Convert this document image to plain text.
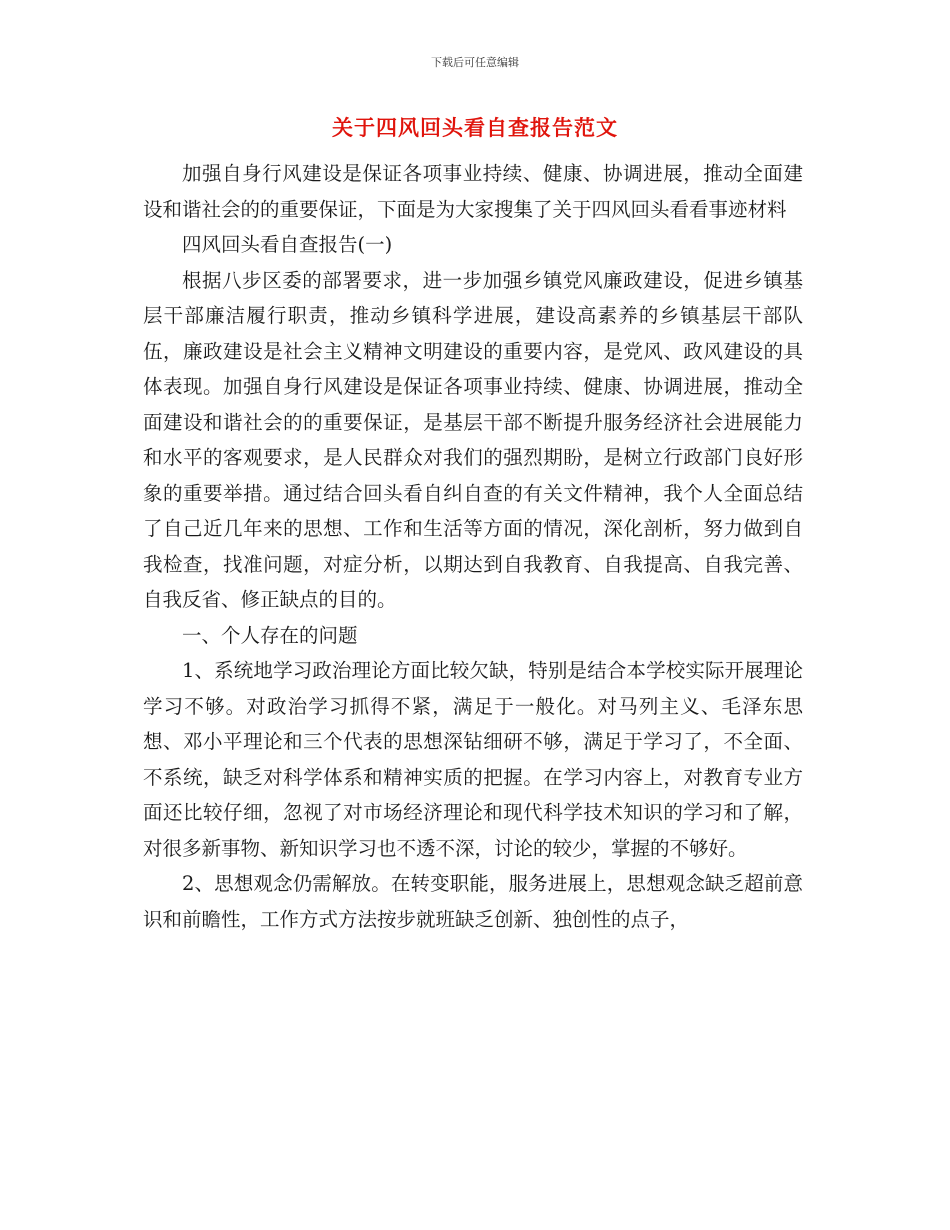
下载后可任意编辑
关于四风回头看自查报告范文

加强自身行风建设是保证各项事业持续、健康、协调进展，推动全面建设和谐社会的的重要保证，下面是为大家搜集了关于四风回头看看事迹材料

四风回头看自查报告(一)

根据八步区委的部署要求，进一步加强乡镇党风廉政建设，促进乡镇基层干部廉洁履行职责，推动乡镇科学进展，建设高素养的乡镇基层干部队伍，廉政建设是社会主义精神文明建设的重要内容，是党风、政风建设的具体表现。加强自身行风建设是保证各项事业持续、健康、协调进展，推动全面建设和谐社会的的重要保证，是基层干部不断提升服务经济社会进展能力和水平的客观要求，是人民群众对我们的强烈期盼，是树立行政部门良好形象的重要举措。通过结合回头看自纠自查的有关文件精神，我个人全面总结了自己近几年来的思想、工作和生活等方面的情况，深化剖析，努力做到自我检查，找准问题，对症分析，以期达到自我教育、自我提高、自我完善、自我反省、修正缺点的目的。

一、个人存在的问题

1、系统地学习政治理论方面比较欠缺，特别是结合本学校实际开展理论学习不够。对政治学习抓得不紧，满足于一般化。对马列主义、毛泽东思想、邓小平理论和三个代表的思想深钻细研不够，满足于学习了，不全面、不系统，缺乏对科学体系和精神实质的把握。在学习内容上，对教育专业方面还比较仔细，忽视了对市场经济理论和现代科学技术知识的学习和了解，对很多新事物、新知识学习也不透不深，讨论的较少，掌握的不够好。

2、思想观念仍需解放。在转变职能，服务进展上，思想观念缺乏超前意识和前瞻性，工作方式方法按步就班缺乏创新、独创性的点子，
